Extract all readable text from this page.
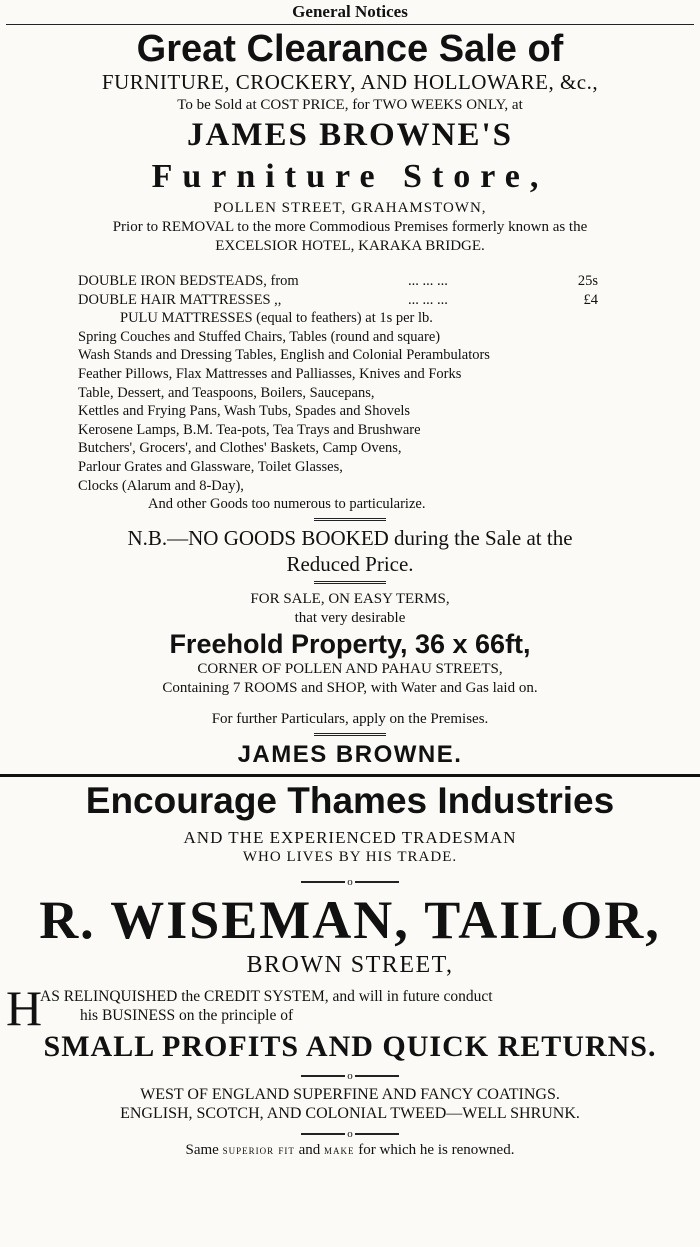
General Notices
Great Clearance Sale of
FURNITURE, CROCKERY, AND HOLLOWARE, &c.,
To be Sold at COST PRICE, for TWO WEEKS ONLY, at
JAMES BROWNE'S
Furniture Store,
POLLEN STREET, GRAHAMSTOWN,
Prior to REMOVAL to the more Commodious Premises formerly known as the
EXCELSIOR HOTEL, KARAKA BRIDGE.
DOUBLE IRON BEDSTEADS, from	... ... ...	25s
DOUBLE HAIR MATTRESSES ,,	... ... ...	£4
PULU MATTRESSES (equal to feathers) at 1s per lb.
Spring Couches and Stuffed Chairs, Tables (round and square)
Wash Stands and Dressing Tables, English and Colonial Perambulators
Feather Pillows, Flax Mattresses and Palliasses, Knives and Forks
Table, Dessert, and Teaspoons, Boilers, Saucepans,
Kettles and Frying Pans, Wash Tubs, Spades and Shovels
Kerosene Lamps, B.M. Tea-pots, Tea Trays and Brushware
Butchers', Grocers', and Clothes' Baskets, Camp Ovens,
Parlour Grates and Glassware, Toilet Glasses,
Clocks (Alarum and 8-Day),
And other Goods too numerous to particularize.
N.B.—NO GOODS BOOKED during the Sale at the
Reduced Price.
FOR SALE, ON EASY TERMS,
that very desirable
Freehold Property, 36 x 66ft,
CORNER OF POLLEN AND PAHAU STREETS,
Containing 7 ROOMS and SHOP, with Water and Gas laid on.
For further Particulars, apply on the Premises.
JAMES BROWNE.
Encourage Thames Industries
AND THE EXPERIENCED TRADESMAN
WHO LIVES BY HIS TRADE.
o
R. WISEMAN, TAILOR,
BROWN STREET,
H
AS RELINQUISHED the CREDIT SYSTEM, and will in future conduct
his BUSINESS on the principle of
SMALL PROFITS AND QUICK RETURNS.
o
WEST OF ENGLAND SUPERFINE AND FANCY COATINGS.
ENGLISH, SCOTCH, AND COLONIAL TWEED—WELL SHRUNK.
o
Same superior fit and make for which he is renowned.
